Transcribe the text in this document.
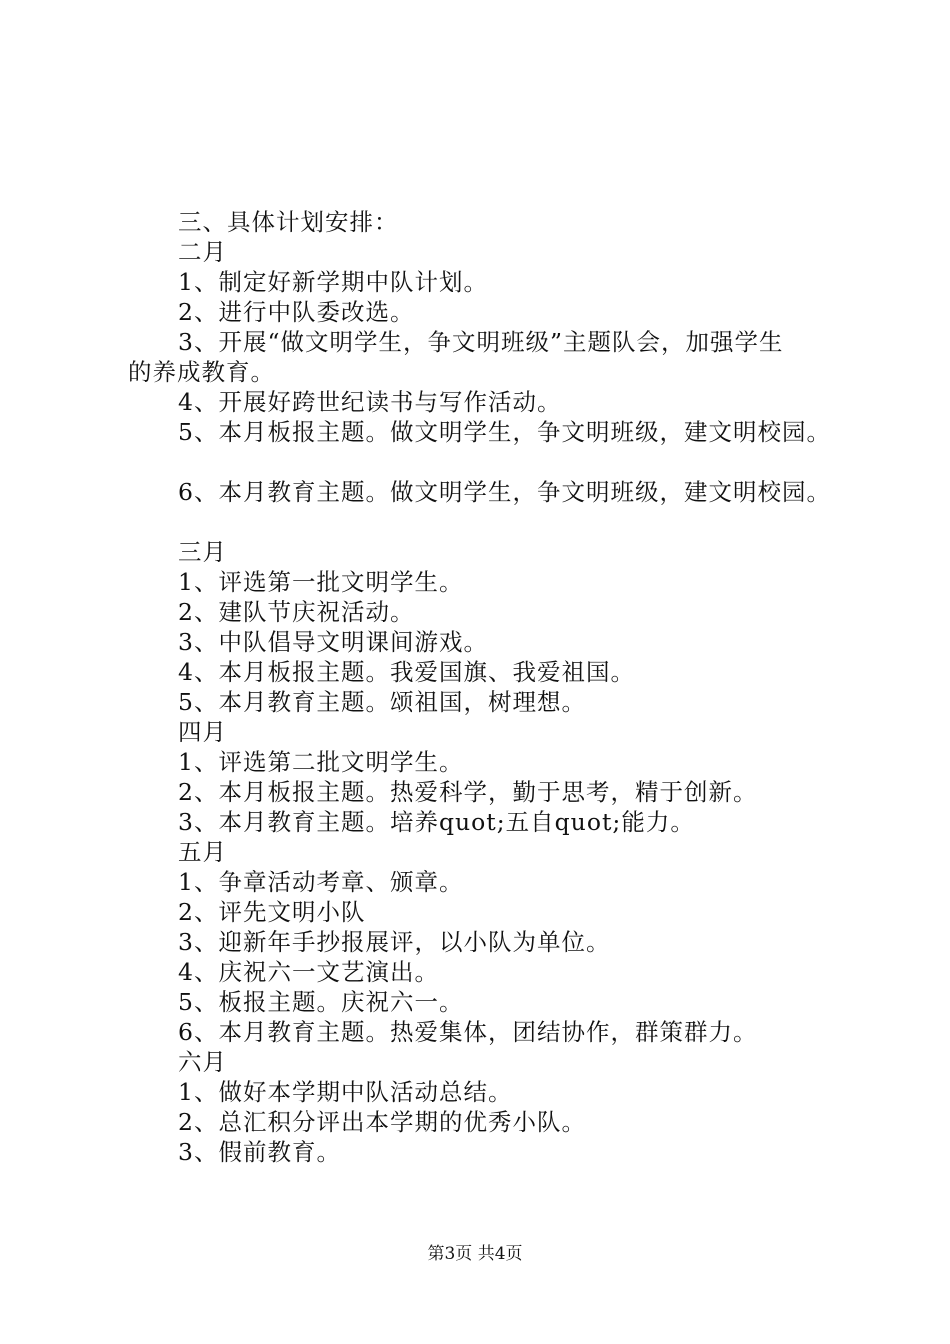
三、具体计划安排：
二月
1、制定好新学期中队计划。
2、进行中队委改选。
3、开展“做文明学生，争文明班级”主题队会，加强学生
的养成教育。
4、开展好跨世纪读书与写作活动。
5、本月板报主题。做文明学生，争文明班级，建文明校园。
6、本月教育主题。做文明学生，争文明班级，建文明校园。
三月
1、评选第一批文明学生。
2、建队节庆祝活动。
3、中队倡导文明课间游戏。
4、本月板报主题。我爱国旗、我爱祖国。
5、本月教育主题。颂祖国，树理想。
四月
1、评选第二批文明学生。
2、本月板报主题。热爱科学，勤于思考，精于创新。
3、本月教育主题。培养quot;五自quot;能力。
五月
1、争章活动考章、颁章。
2、评先文明小队
3、迎新年手抄报展评，以小队为单位。
4、庆祝六一文艺演出。
5、板报主题。庆祝六一。
6、本月教育主题。热爱集体，团结协作，群策群力。
六月
1、做好本学期中队活动总结。
2、总汇积分评出本学期的优秀小队。
3、假前教育。
第3页 共4页
